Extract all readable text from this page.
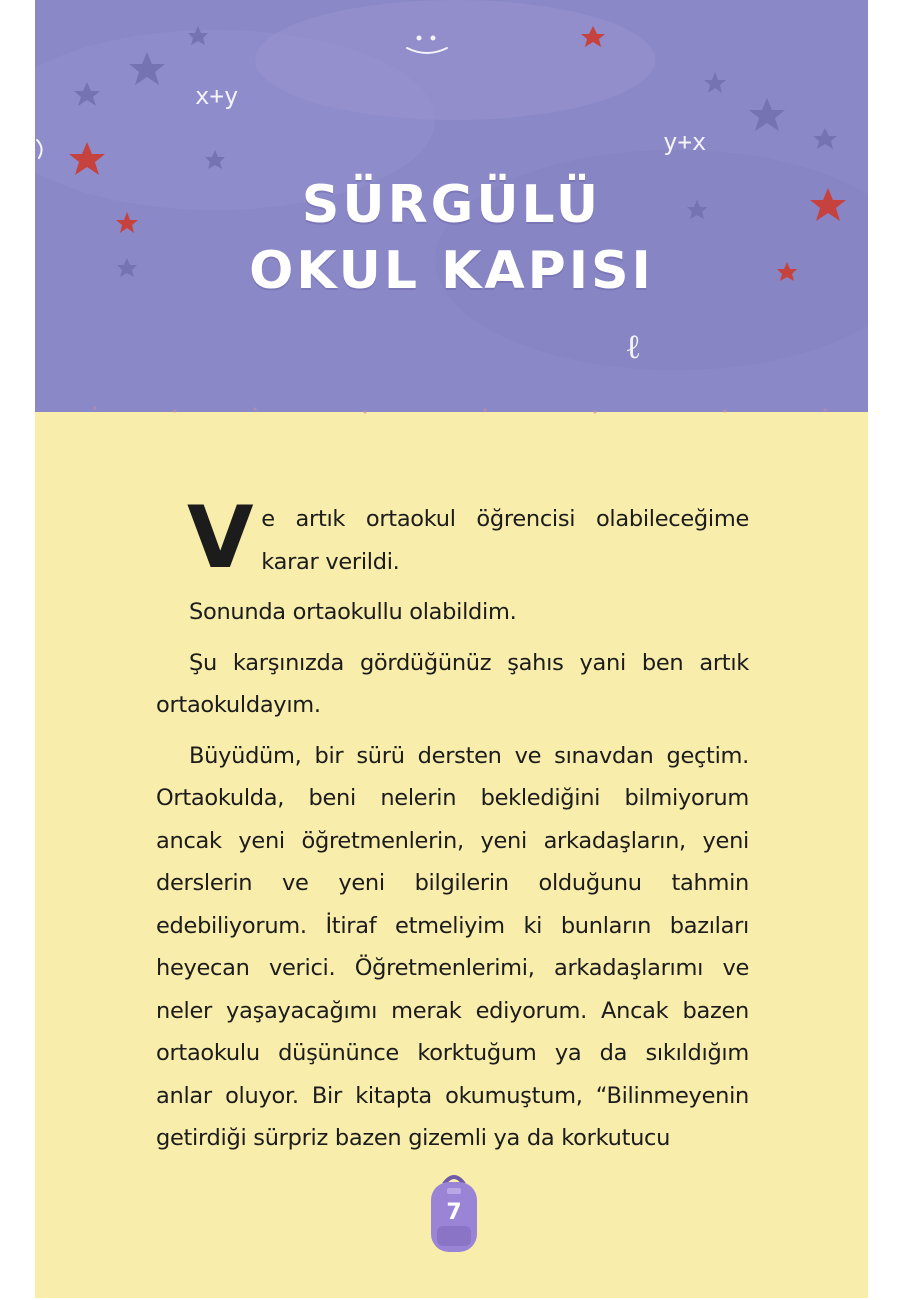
x+y
y+x
ℓ
SÜRGÜLÜ
OKUL KAPISI
V e artık ortaokul öğrencisi olabileceğime karar verildi.

Sonunda ortaokullu olabildim.

Şu karşınızda gördüğünüz şahıs yani ben artık ortaokuldayım.

Büyüdüm, bir sürü dersten ve sınavdan geçtim. Ortaokulda, beni nelerin beklediğini bilmiyorum ancak yeni öğretmenlerin, yeni arkadaşların, yeni derslerin ve yeni bilgilerin olduğunu tahmin edebiliyorum. İtiraf etmeliyim ki bunların bazıları heyecan verici. Öğretmenlerimi, arkadaşlarımı ve neler yaşayacağımı merak ediyorum. Ancak bazen ortaokulu düşününce korktuğum ya da sıkıldığım anlar oluyor. Bir kitapta okumuştum, “Bilinmeyenin getirdiği sürpriz bazen gizemli ya da korkutucu

7
